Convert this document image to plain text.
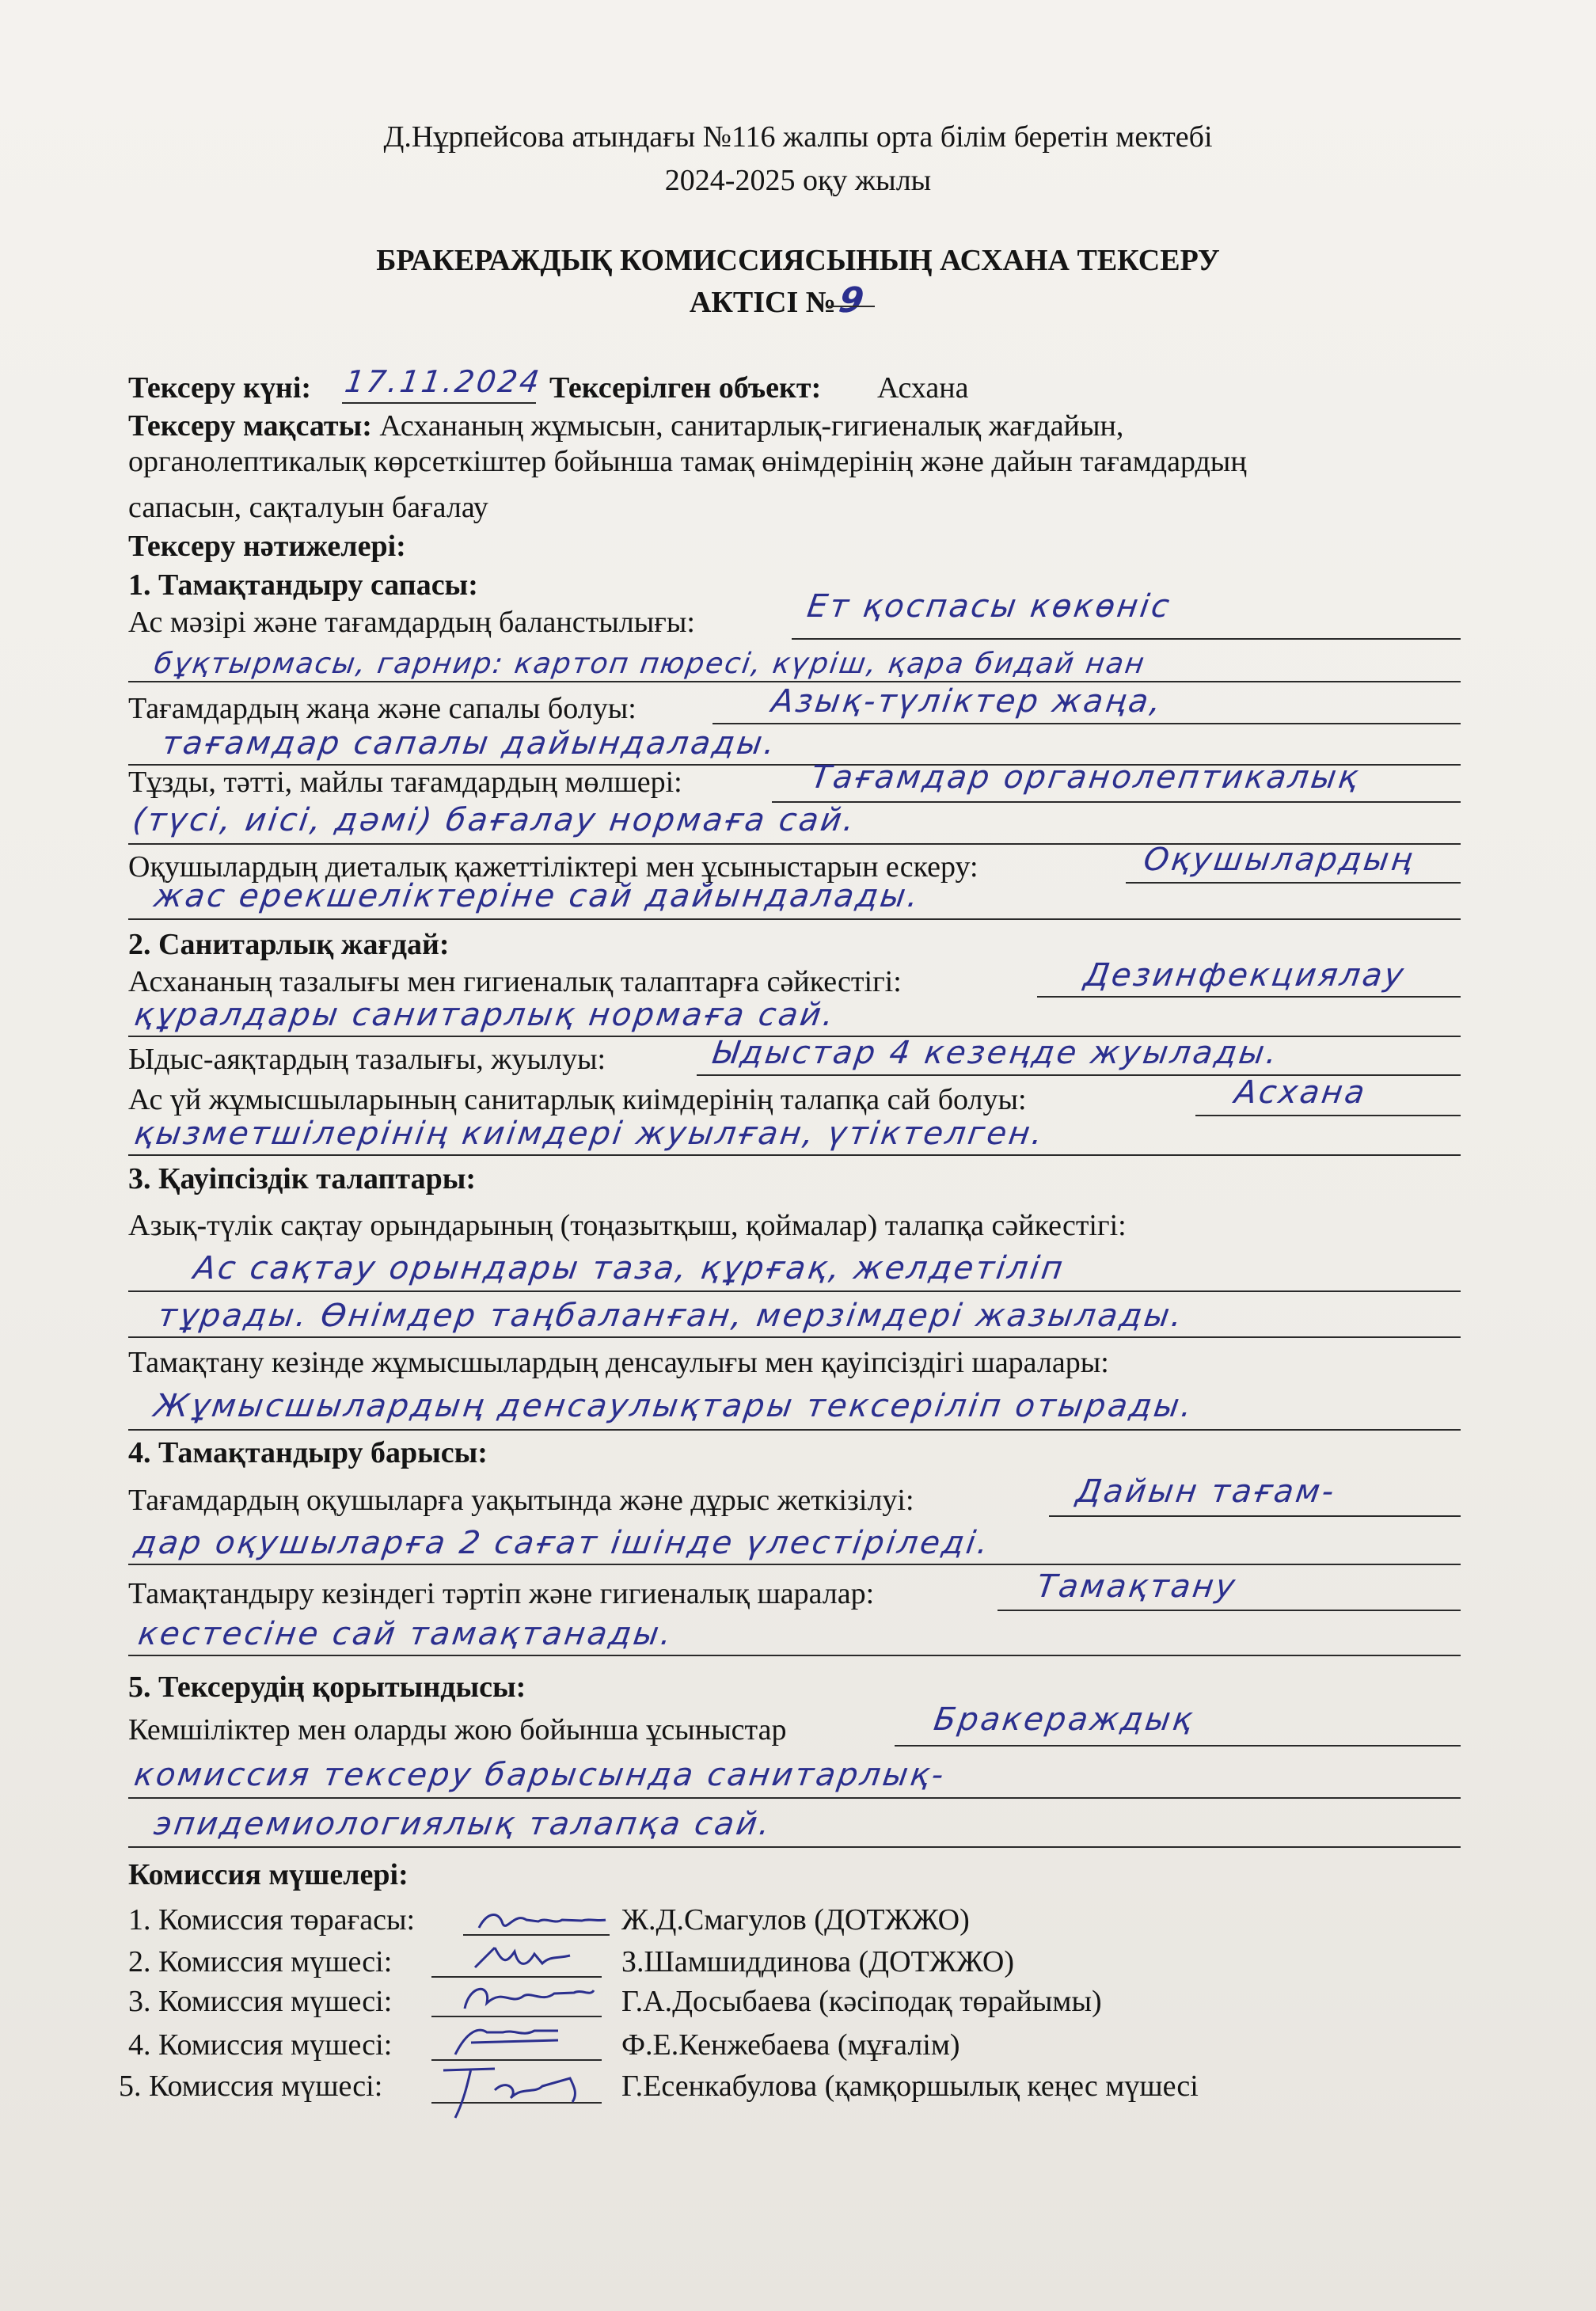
Д.Нұрпейсова атындағы №116 жалпы орта білім беретін мектебі
2024-2025 оқу жылы
БРАКЕРАЖДЫҚ КОМИССИЯСЫНЫҢ АСХАНА ТЕКСЕРУ
АКТІСІ №9
Тексеру күні: 17.11.2024 Тексерілген объект: Асхана
Тексеру мақсаты: Асхананың жұмысын, санитарлық-гигиеналық жағдайын,
органолептикалық көрсеткіштер бойынша тамақ өнімдерінің және дайын тағамдардың
сапасын, сақталуын бағалау
Тексеру нәтижелері:
1. Тамақтандыру сапасы:
Ас мәзірі және тағамдардың баланстылығы:	Ет қоспасы көкөніс
бұқтырмасы, гарнир: картоп пюресі, күріш, қара бидай нан
Тағамдардың жаңа және сапалы болуы:	Азық-түліктер жаңа,
тағамдар сапалы дайындалады.
Тұзды, тәтті, майлы тағамдардың мөлшері:	Тағамдар органолептикалық
(түсі, иісі, дәмі) бағалау нормаға сай.
Оқушылардың диеталық қажеттіліктері мен ұсыныстарын ескеру:	Оқушылардың
жас ерекшеліктеріне сай дайындалады.
2. Санитарлық жағдай:
Асхананың тазалығы мен гигиеналық талаптарға сәйкестігі:	Дезинфекциялау
құралдары санитарлық нормаға сай.
Ыдыс-аяқтардың тазалығы, жуылуы:	Ыдыстар 4 кезеңде жуылады.
Ас үй жұмысшыларының санитарлық киімдерінің талапқа сай болуы:	Асхана
қызметшілерінің киімдері жуылған, үтіктелген.
3. Қауіпсіздік талаптары:
Азық-түлік сақтау орындарының (тоңазытқыш, қоймалар) талапқа сәйкестігі:
Ас сақтау орындары таза, құрғақ, желдетіліп
тұрады. Өнімдер таңбаланған, мерзімдері жазылады.
Тамақтану кезінде жұмысшылардың денсаулығы мен қауіпсіздігі шаралары:
Жұмысшылардың денсаулықтары тексеріліп отырады.
4. Тамақтандыру барысы:
Тағамдардың оқушыларға уақытында және дұрыс жеткізілуі:	Дайын тағам-
дар оқушыларға 2 сағат ішінде үлестіріледі.
Тамақтандыру кезіндегі тәртіп және гигиеналық шаралар:	Тамақтану
кестесіне сай тамақтанады.
5. Тексерудің қорытындысы:
Кемшіліктер мен оларды жою бойынша ұсыныстар	Бракераждық
комиссия тексеру барысында санитарлық-
эпидемиологиялық талапқа сай.
Комиссия мүшелері:
1. Комиссия төрағасы:	Ж.Д.Смагулов (ДОТЖЖО)
2. Комиссия мүшесі:	З.Шамшиддинова (ДОТЖЖО)
3. Комиссия мүшесі:	Г.А.Досыбаева (кәсіподақ төрайымы)
4. Комиссия мүшесі:	Ф.Е.Кенжебаева (мұғалім)
5. Комиссия мүшесі:	Г.Есенкабулова (қамқоршылық кеңес мүшесі
